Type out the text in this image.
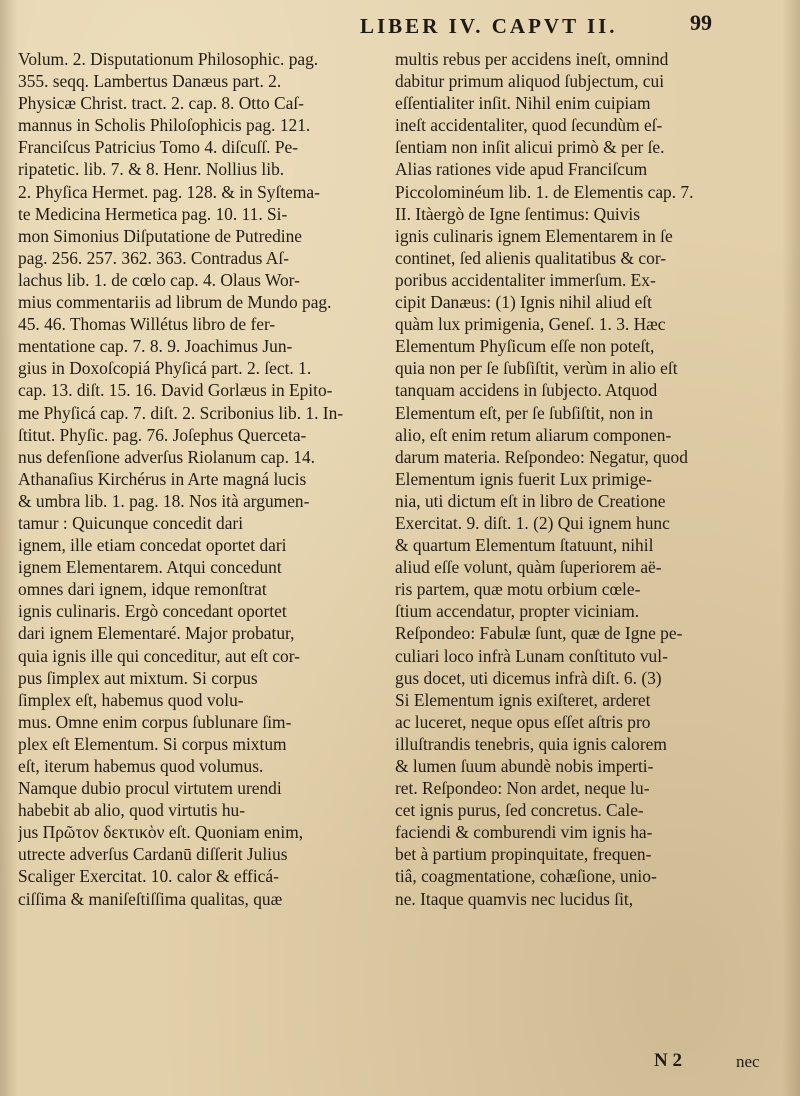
LIBER IV. CAPVT II.	99
Volum. 2. Disputationum Philosophic. pag.
355. seqq. Lambertus Danæus part. 2.
Physicæ Christ. tract. 2. cap. 8. Otto Caſ-
mannus in Scholis Philoſophicis pag. 121.
Franciſcus Patricius Tomo 4. diſcuſſ. Pe-
ripatetic. lib. 7. & 8. Henr. Nollius lib.
2. Phyſica Hermet. pag. 128. & in Syſtema-
te Medicina Hermetica pag. 10. 11. Si-
mon Simonius Diſputatione de Putredine
pag. 256. 257. 362. 363. Contradus Aſ-
lachus lib. 1. de cœlo cap. 4. Olaus Wor-
mius commentariis ad librum de Mundo pag.
45. 46. Thomas Willétus libro de fer-
mentatione cap. 7. 8. 9. Joachimus Jun-
gius in Doxoſcopiá Phyſicá part. 2. ſect. 1.
cap. 13. diſt. 15. 16. David Gorlæus in Epito-
me Phyſicá cap. 7. diſt. 2. Scribonius lib. 1. In-
ſtitut. Phyſic. pag. 76. Joſephus Querceta-
nus defenſione adverſus Riolanum cap. 14.
Athanaſius Kirchérus in Arte magná lucis
& umbra lib. 1. pag. 18. Nos ità argumen-
tamur : Quicunque concedit dari
ignem, ille etiam concedat oportet dari
ignem Elementarem. Atqui concedunt
omnes dari ignem, idque remonſtrat
ignis culinaris. Ergò concedant oportet
dari ignem Elementaré. Major probatur,
quia ignis ille qui conceditur, aut eſt cor-
pus ſimplex aut mixtum. Si corpus
ſimplex eſt, habemus quod volu-
mus. Omne enim corpus ſublunare ſim-
plex eſt Elementum. Si corpus mixtum
eſt, iterum habemus quod volumus.
Namque dubio procul virtutem urendi
habebit ab alio, quod virtutis hu-
jus Πρῶτον δεκτικὸν eſt. Quoniam enim,
utrecte adverſus Cardanū diſſerit Julius
Scaliger Exercitat. 10. calor & efficá-
ciſſima & maniſeſtiſſima qualitas, quæ
multis rebus per accidens ineſt, omnind
dabitur primum aliquod ſubjectum, cui
eſſentialiter inſit. Nihil enim cuipiam
ineſt accidentaliter, quod ſecundùm eſ-
ſentiam non inſit alicui primò & per ſe.
Alias rationes vide apud Franciſcum
Piccolominéum lib. 1. de Elementis cap. 7.
II. Itàergò de Igne ſentimus: Quivis
ignis culinaris ignem Elementarem in ſe
continet, ſed alienis qualitatibus & cor-
poribus accidentaliter immerſum. Ex-
cipit Danæus: (1) Ignis nihil aliud eſt
quàm lux primigenia, Geneſ. 1. 3. Hæc
Elementum Phyſicum eſſe non poteſt,
quia non per ſe ſubſiſtit, verùm in alio eſt
tanquam accidens in ſubjecto. Atquod
Elementum eſt, per ſe ſubſiſtit, non in
alio, eſt enim retum aliarum componen-
darum materia. Reſpondeo: Negatur, quod
Elementum ignis fuerit Lux primige-
nia, uti dictum eſt in libro de Creatione
Exercitat. 9. diſt. 1. (2) Qui ignem hunc
& quartum Elementum ſtatuunt, nihil
aliud eſſe volunt, quàm ſuperiorem aë-
ris partem, quæ motu orbium cœle-
ſtium accendatur, propter viciniam.
Reſpondeo: Fabulæ ſunt, quæ de Igne pe-
culiari loco infrà Lunam conſtituto vul-
gus docet, uti dicemus infrà diſt. 6. (3)
Si Elementum ignis exiſteret, arderet
ac luceret, neque opus eſſet aſtris pro
illuſtrandis tenebris, quia ignis calorem
& lumen ſuum abundè nobis imperti-
ret. Reſpondeo: Non ardet, neque lu-
cet ignis purus, ſed concretus. Cale-
faciendi & comburendi vim ignis ha-
bet à partium propinquitate, frequen-
tiâ, coagmentatione, cohæſione, unio-
ne. Itaque quamvis nec lucidus ſit,
N 2	nec
